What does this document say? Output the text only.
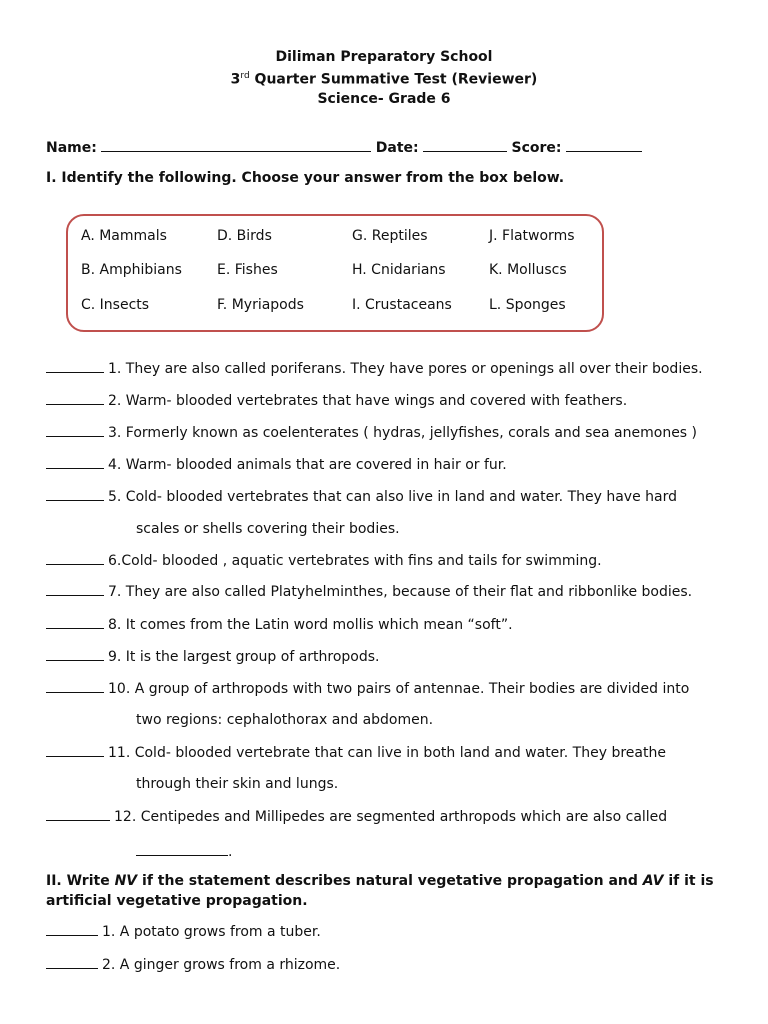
Diliman Preparatory School
3rd Quarter Summative Test (Reviewer)
Science- Grade 6
Name:	Date:	Score:
I. Identify the following. Choose your answer from the box below.
A. Mammals	D. Birds	G. Reptiles	J. Flatworms
B. Amphibians	E. Fishes	H. Cnidarians	K. Molluscs
C. Insects	F. Myriapods	I. Crustaceans	L. Sponges
1. They are also called poriferans. They have pores or openings all over their bodies.
2. Warm- blooded vertebrates that have wings and covered with feathers.
3. Formerly known as coelenterates ( hydras, jellyfishes, corals and sea anemones )
4. Warm- blooded animals that are covered in hair or fur.
5. Cold- blooded vertebrates that can also live in land and water. They have hard
scales or shells covering their bodies.
6.Cold- blooded , aquatic vertebrates with fins and tails for swimming.
7. They are also called Platyhelminthes, because of their flat and ribbonlike bodies.
8. It comes from the Latin word mollis which mean “soft”.
9. It is the largest group of arthropods.
10. A group of arthropods with two pairs of antennae. Their bodies are divided into
two regions: cephalothorax and abdomen.
11. Cold- blooded vertebrate that can live in both land and water. They breathe
through their skin and lungs.
12. Centipedes and Millipedes are segmented arthropods which are also called
.
II. Write NV if the statement describes natural vegetative propagation and AV if it is artificial vegetative propagation.
1. A potato grows from a tuber.
2. A ginger grows from a rhizome.
